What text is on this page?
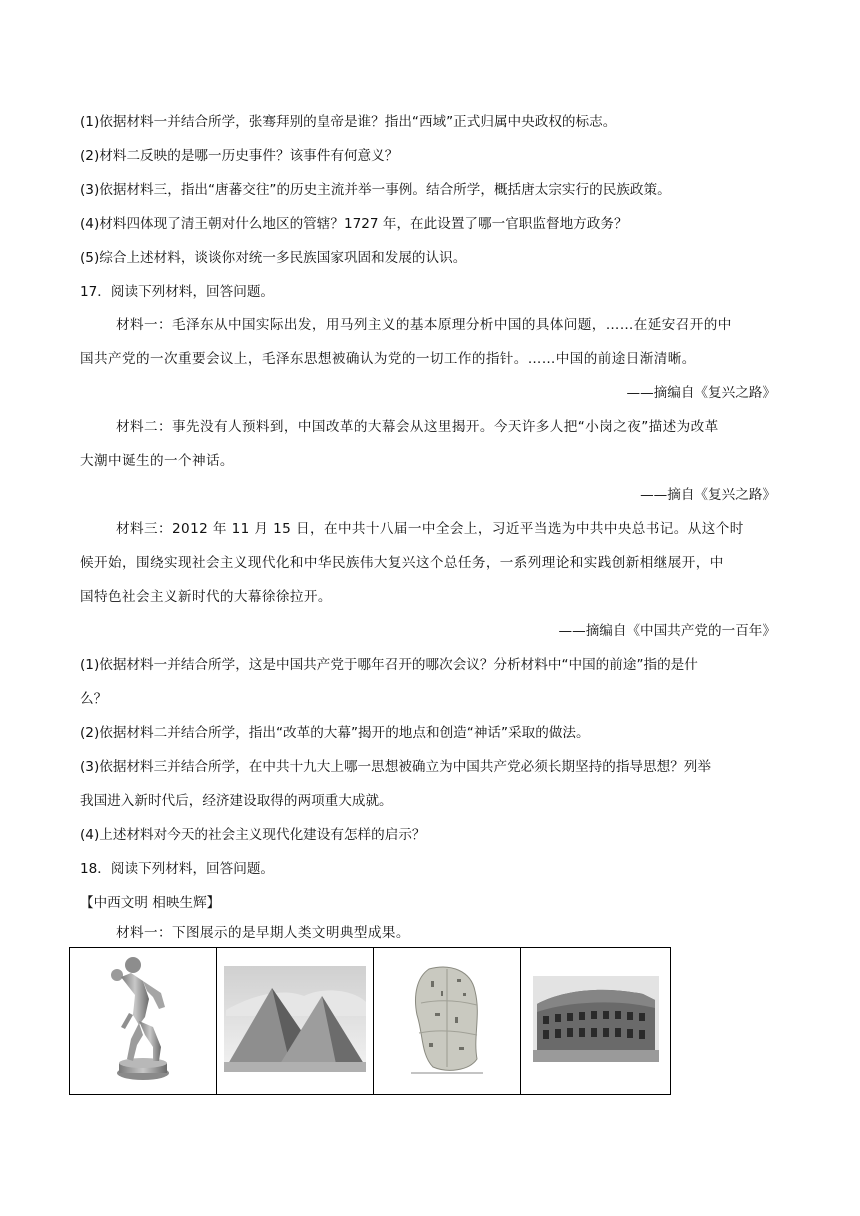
(1)依据材料一并结合所学，张骞拜别的皇帝是谁？指出“西域”正式归属中央政权的标志。
(2)材料二反映的是哪一历史事件？该事件有何意义？
(3)依据材料三，指出“唐蕃交往”的历史主流并举一事例。结合所学，概括唐太宗实行的民族政策。
(4)材料四体现了清王朝对什么地区的管辖？1727 年，在此设置了哪一官职监督地方政务？
(5)综合上述材料，谈谈你对统一多民族国家巩固和发展的认识。
17．阅读下列材料，回答问题。
材料一：毛泽东从中国实际出发，用马列主义的基本原理分析中国的具体问题，……在延安召开的中
国共产党的一次重要会议上，毛泽东思想被确认为党的一切工作的指针。……中国的前途日渐清晰。
——摘编自《复兴之路》
材料二：事先没有人预料到，中国改革的大幕会从这里揭开。今天许多人把“小岗之夜”描述为改革
大潮中诞生的一个神话。
——摘自《复兴之路》
材料三：2012 年 11 月 15 日，在中共十八届一中全会上，习近平当选为中共中央总书记。从这个时
候开始，围绕实现社会主义现代化和中华民族伟大复兴这个总任务，一系列理论和实践创新相继展开，中
国特色社会主义新时代的大幕徐徐拉开。
——摘编自《中国共产党的一百年》
(1)依据材料一并结合所学，这是中国共产党于哪年召开的哪次会议？分析材料中“中国的前途”指的是什
么？
(2)依据材料二并结合所学，指出“改革的大幕”揭开的地点和创造“神话”采取的做法。
(3)依据材料三并结合所学，在中共十九大上哪一思想被确立为中国共产党必须长期坚持的指导思想？列举
我国进入新时代后，经济建设取得的两项重大成就。
(4)上述材料对今天的社会主义现代化建设有怎样的启示？
18．阅读下列材料，回答问题。
【中西文明 相映生辉】
材料一：下图展示的是早期人类文明典型成果。
